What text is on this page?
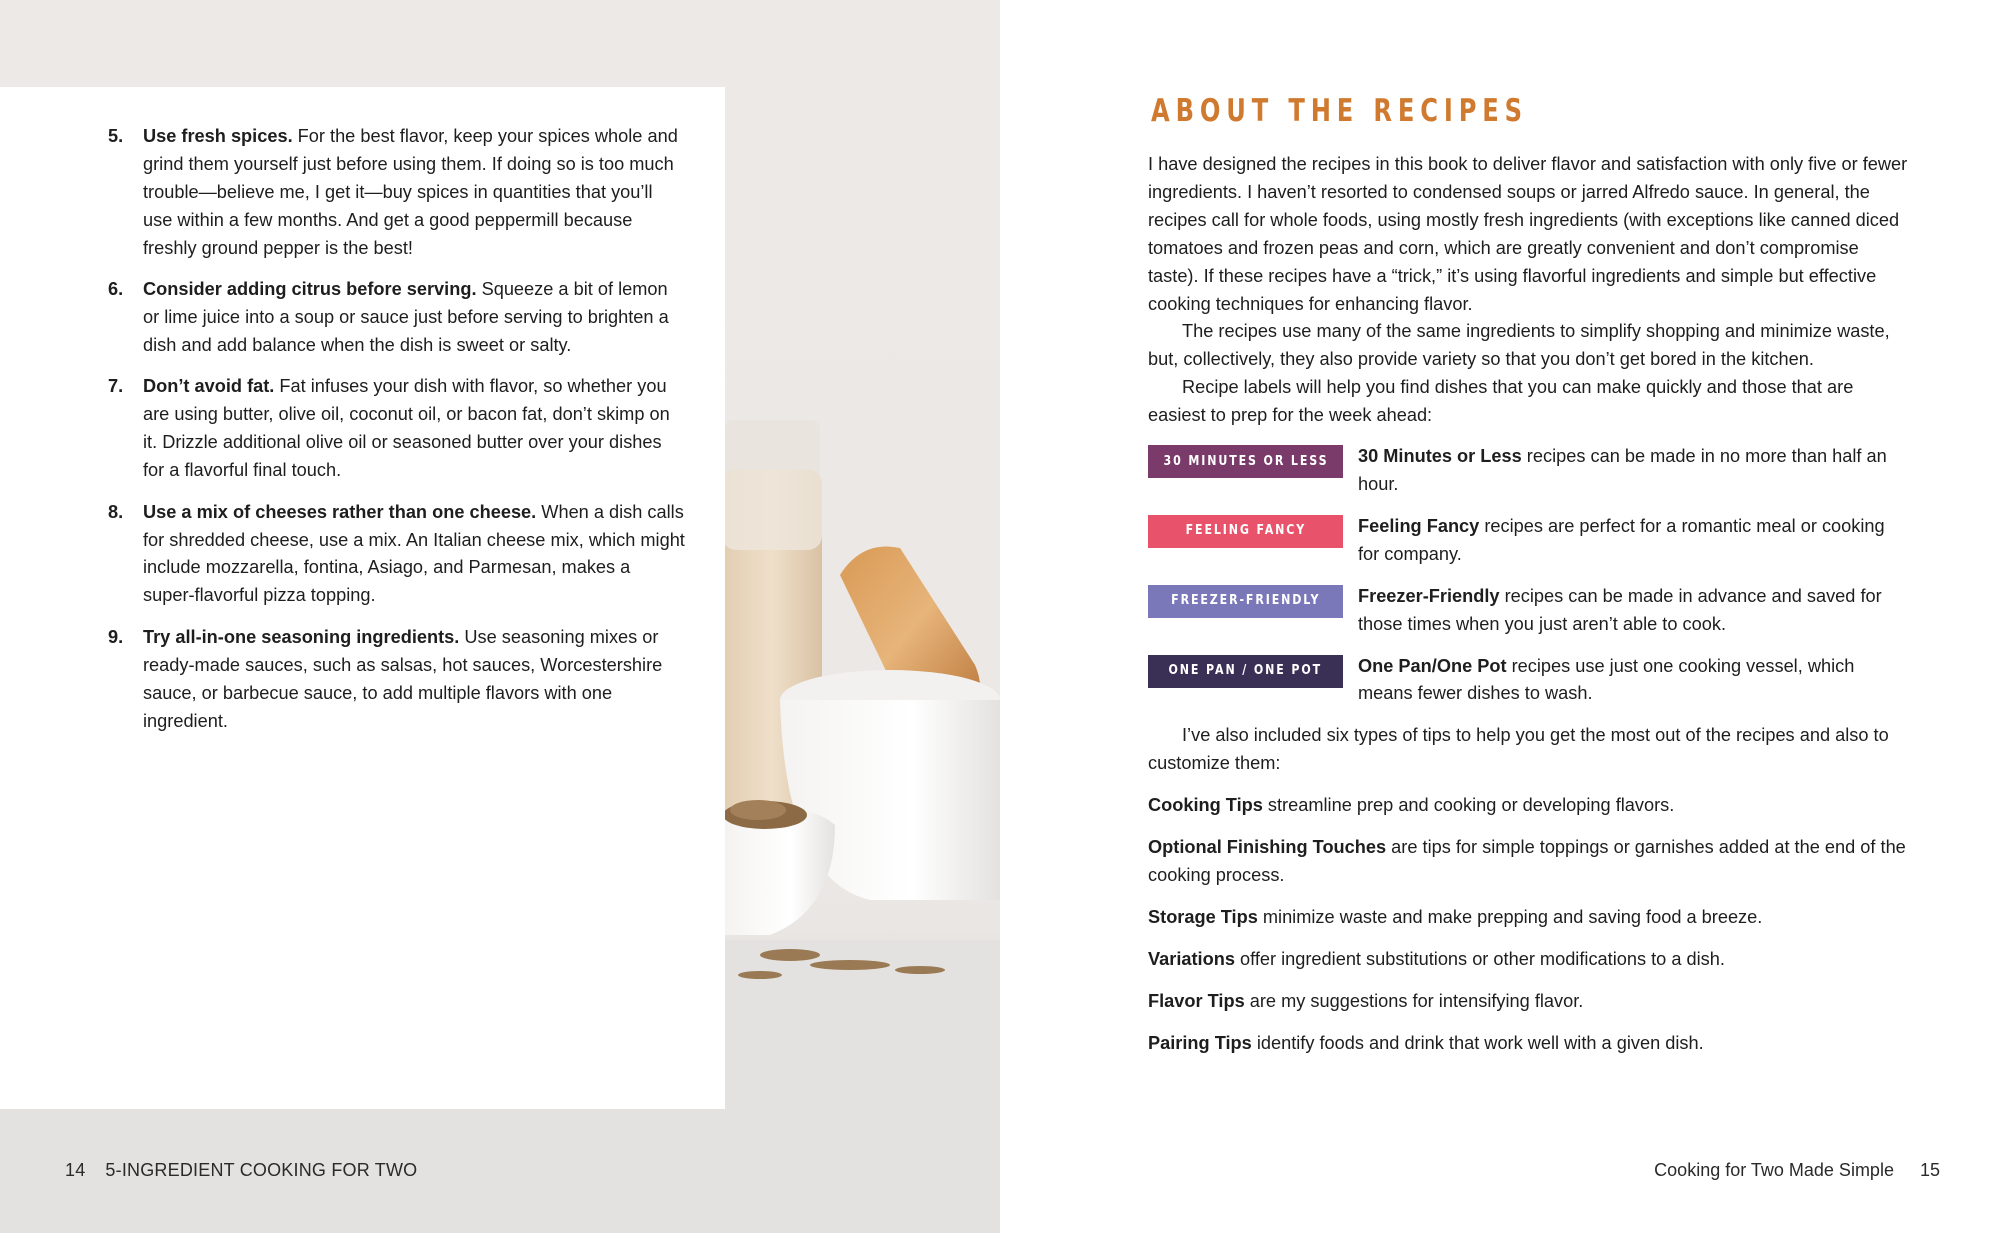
5. Use fresh spices. For the best flavor, keep your spices whole and grind them yourself just before using them. If doing so is too much trouble—believe me, I get it—buy spices in quantities that you’ll use within a few months. And get a good peppermill because freshly ground pepper is the best!
6. Consider adding citrus before serving. Squeeze a bit of lemon or lime juice into a soup or sauce just before serving to brighten a dish and add balance when the dish is sweet or salty.
7. Don’t avoid fat. Fat infuses your dish with flavor, so whether you are using butter, olive oil, coconut oil, or bacon fat, don’t skimp on it. Drizzle additional olive oil or seasoned butter over your dishes for a flavorful final touch.
8. Use a mix of cheeses rather than one cheese. When a dish calls for shredded cheese, use a mix. An Italian cheese mix, which might include mozzarella, fontina, Asiago, and Parmesan, makes a super-flavorful pizza topping.
9. Try all-in-one seasoning ingredients. Use seasoning mixes or ready-made sauces, such as salsas, hot sauces, Worcestershire sauce, or barbecue sauce, to add multiple flavors with one ingredient.
14 5-INGREDIENT COOKING FOR TWO
ABOUT THE RECIPES

I have designed the recipes in this book to deliver flavor and satisfaction with only five or fewer ingredients. I haven’t resorted to condensed soups or jarred Alfredo sauce. In general, the recipes call for whole foods, using mostly fresh ingredients (with exceptions like canned diced tomatoes and frozen peas and corn, which are greatly convenient and don’t compromise taste). If these recipes have a “trick,” it’s using flavorful ingredients and simple but effective cooking techniques for enhancing flavor.

The recipes use many of the same ingredients to simplify shopping and minimize waste, but, collectively, they also provide variety so that you don’t get bored in the kitchen.

Recipe labels will help you find dishes that you can make quickly and those that are easiest to prep for the week ahead:

30 MINUTES OR LESS 30 Minutes or Less recipes can be made in no more than half an hour.
FEELING FANCY	Feeling Fancy recipes are perfect for a romantic meal or cooking for company.
FREEZER-FRIENDLY Freezer-Friendly recipes can be made in advance and saved for those times when you just aren’t able to cook.
ONE PAN / ONE POT One Pan/One Pot recipes use just one cooking vessel, which means fewer dishes to wash.

I’ve also included six types of tips to help you get the most out of the recipes and also to customize them:

Cooking Tips streamline prep and cooking or developing flavors.

Optional Finishing Touches are tips for simple toppings or garnishes added at the end of the cooking process.

Storage Tips minimize waste and make prepping and saving food a breeze.

Variations offer ingredient substitutions or other modifications to a dish.

Flavor Tips are my suggestions for intensifying flavor.

Pairing Tips identify foods and drink that work well with a given dish.

Cooking for Two Made Simple 15
